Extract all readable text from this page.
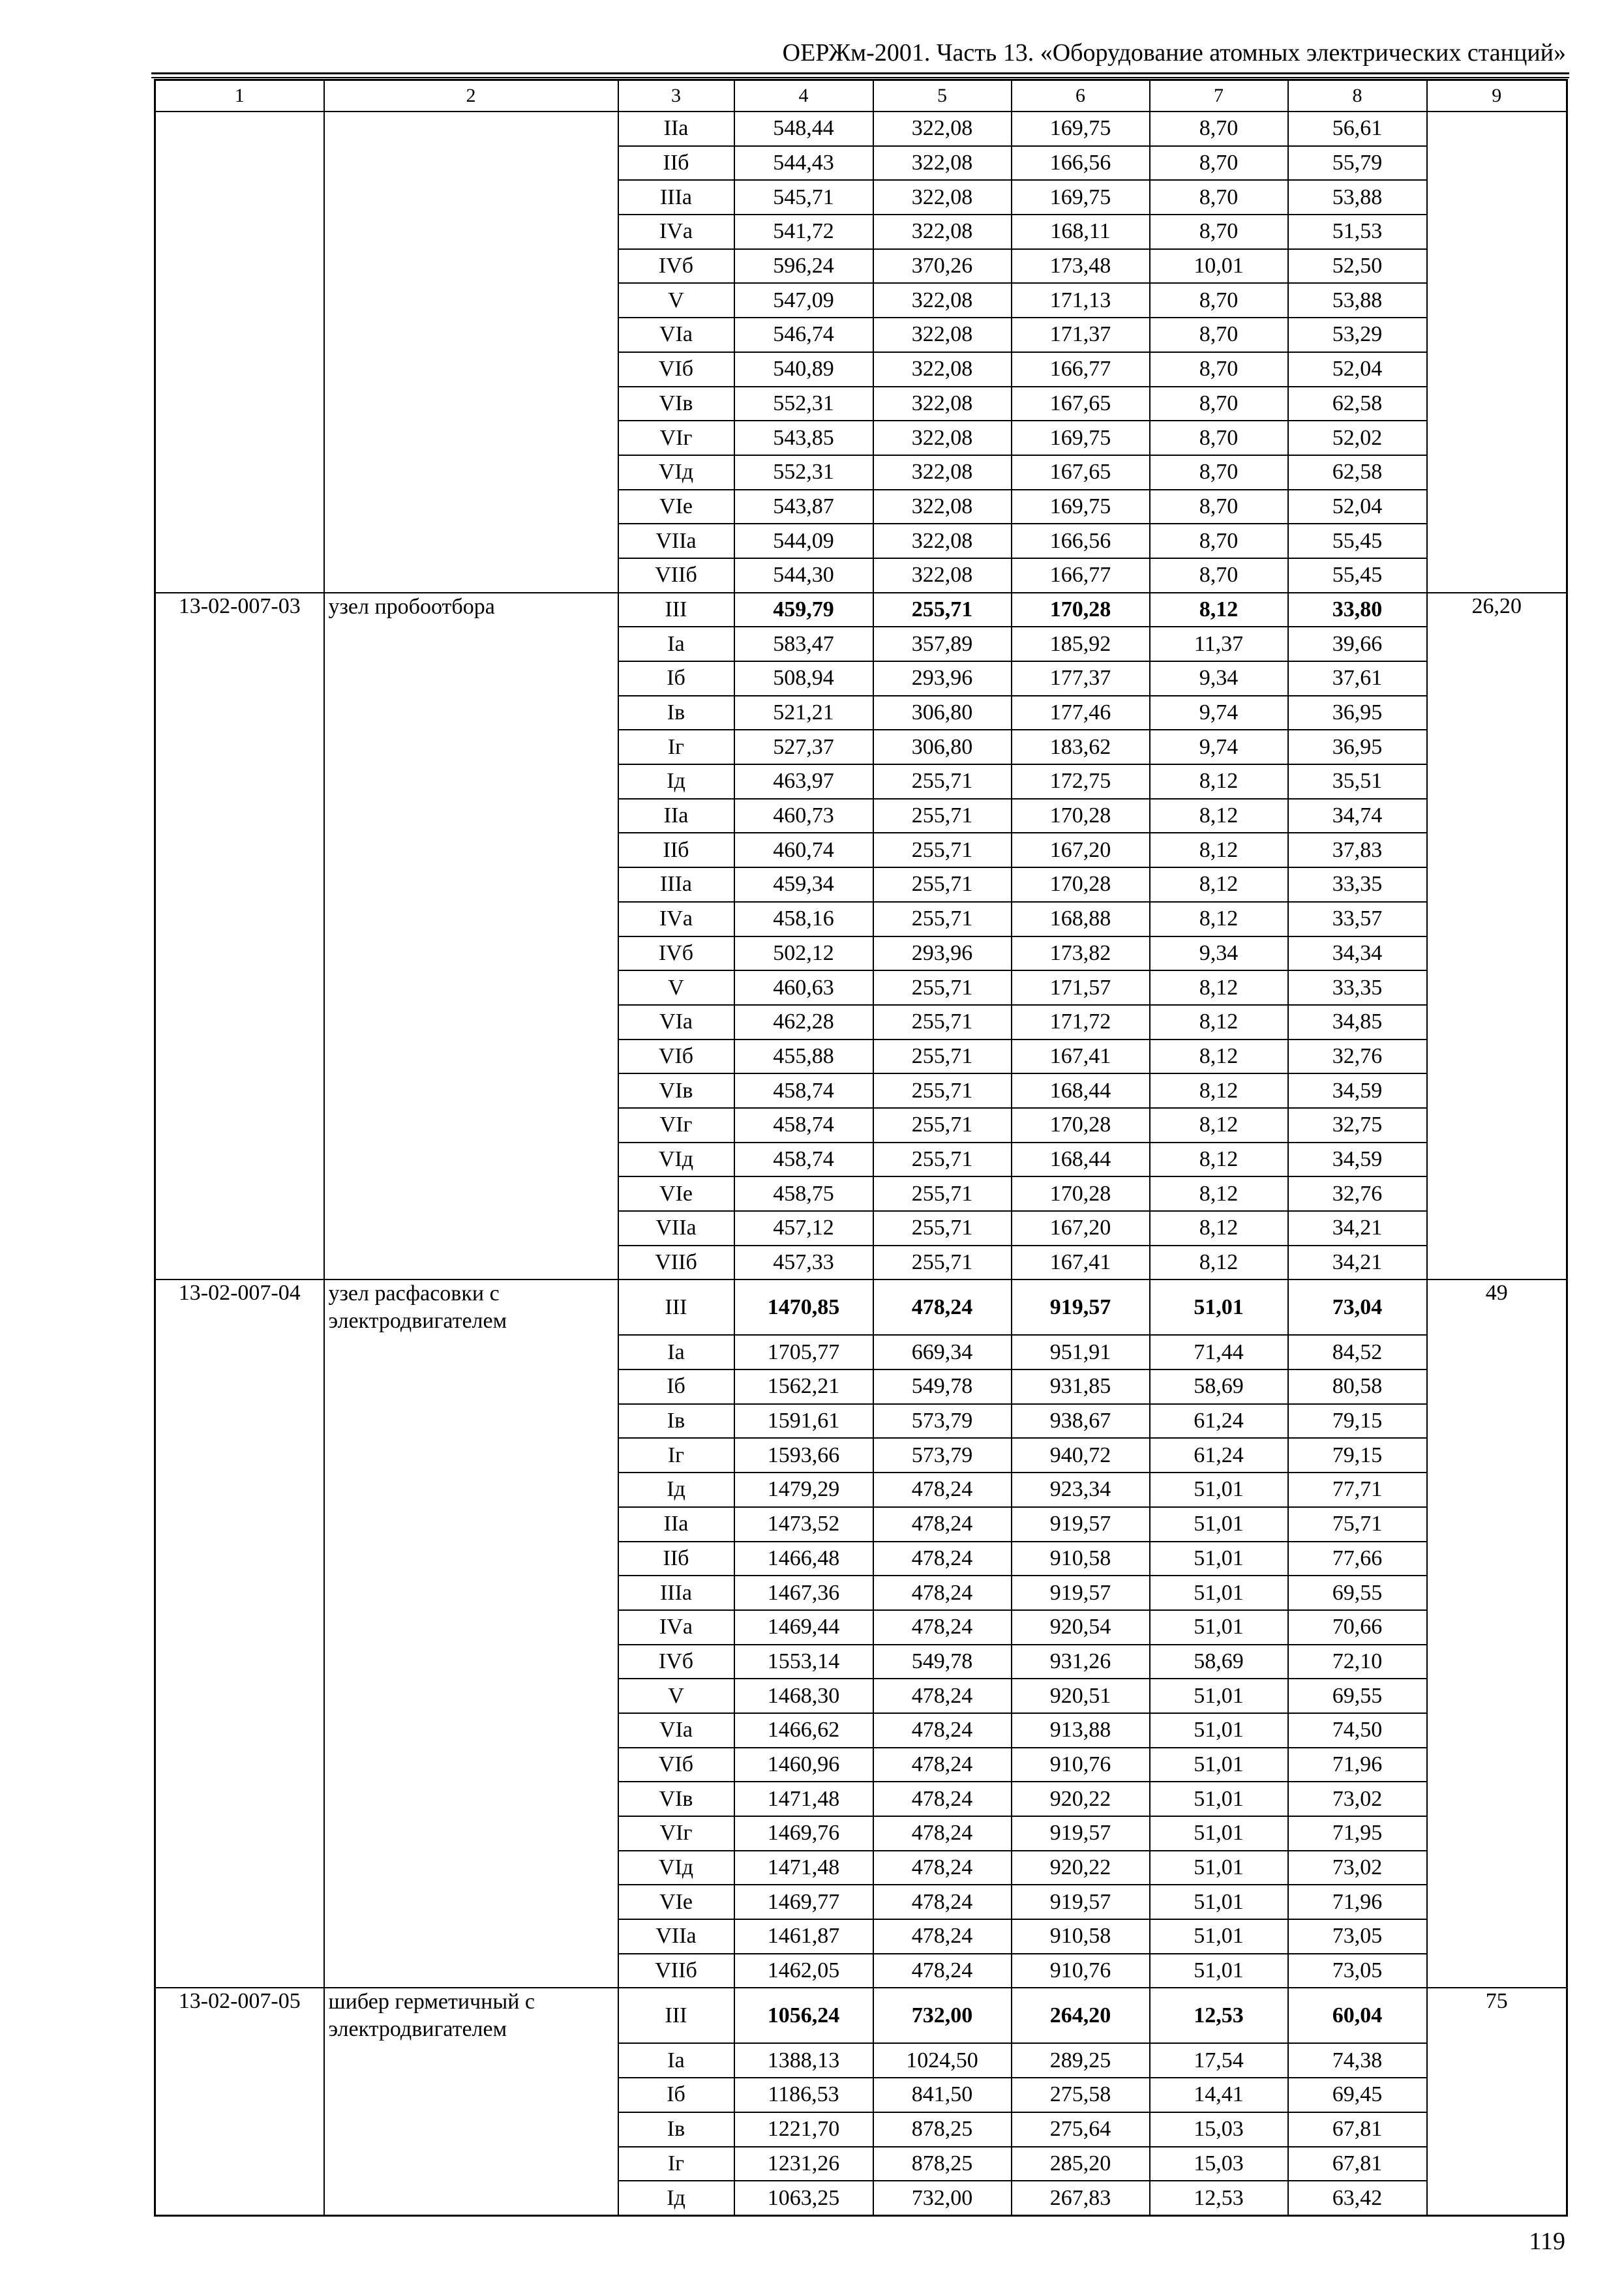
ОЕРЖм-2001. Часть 13. «Оборудование атомных электрических станций»
1	2	3	4	5	6	7	8	9
		IIа	548,44	322,08	169,75	8,70	56,61	
		IIб	544,43	322,08	166,56	8,70	55,79	
		IIIа	545,71	322,08	169,75	8,70	53,88	
		IVа	541,72	322,08	168,11	8,70	51,53	
		IVб	596,24	370,26	173,48	10,01	52,50	
		V	547,09	322,08	171,13	8,70	53,88	
		VIа	546,74	322,08	171,37	8,70	53,29	
		VIб	540,89	322,08	166,77	8,70	52,04	
		VIв	552,31	322,08	167,65	8,70	62,58	
		VIг	543,85	322,08	169,75	8,70	52,02	
		VIд	552,31	322,08	167,65	8,70	62,58	
		VIе	543,87	322,08	169,75	8,70	52,04	
		VIIа	544,09	322,08	166,56	8,70	55,45	
		VIIб	544,30	322,08	166,77	8,70	55,45	
13-02-007-03	узел пробоотбора	III	459,79	255,71	170,28	8,12	33,80	26,20
		Iа	583,47	357,89	185,92	11,37	39,66	
		Iб	508,94	293,96	177,37	9,34	37,61	
		Iв	521,21	306,80	177,46	9,74	36,95	
		Iг	527,37	306,80	183,62	9,74	36,95	
		Iд	463,97	255,71	172,75	8,12	35,51	
		IIа	460,73	255,71	170,28	8,12	34,74	
		IIб	460,74	255,71	167,20	8,12	37,83	
		IIIа	459,34	255,71	170,28	8,12	33,35	
		IVа	458,16	255,71	168,88	8,12	33,57	
		IVб	502,12	293,96	173,82	9,34	34,34	
		V	460,63	255,71	171,57	8,12	33,35	
		VIа	462,28	255,71	171,72	8,12	34,85	
		VIб	455,88	255,71	167,41	8,12	32,76	
		VIв	458,74	255,71	168,44	8,12	34,59	
		VIг	458,74	255,71	170,28	8,12	32,75	
		VIд	458,74	255,71	168,44	8,12	34,59	
		VIе	458,75	255,71	170,28	8,12	32,76	
		VIIа	457,12	255,71	167,20	8,12	34,21	
		VIIб	457,33	255,71	167,41	8,12	34,21	
13-02-007-04	узел расфасовки с электродвигателем	III	1470,85	478,24	919,57	51,01	73,04	49
		Iа	1705,77	669,34	951,91	71,44	84,52	
		Iб	1562,21	549,78	931,85	58,69	80,58	
		Iв	1591,61	573,79	938,67	61,24	79,15	
		Iг	1593,66	573,79	940,72	61,24	79,15	
		Iд	1479,29	478,24	923,34	51,01	77,71	
		IIа	1473,52	478,24	919,57	51,01	75,71	
		IIб	1466,48	478,24	910,58	51,01	77,66	
		IIIа	1467,36	478,24	919,57	51,01	69,55	
		IVа	1469,44	478,24	920,54	51,01	70,66	
		IVб	1553,14	549,78	931,26	58,69	72,10	
		V	1468,30	478,24	920,51	51,01	69,55	
		VIа	1466,62	478,24	913,88	51,01	74,50	
		VIб	1460,96	478,24	910,76	51,01	71,96	
		VIв	1471,48	478,24	920,22	51,01	73,02	
		VIг	1469,76	478,24	919,57	51,01	71,95	
		VIд	1471,48	478,24	920,22	51,01	73,02	
		VIе	1469,77	478,24	919,57	51,01	71,96	
		VIIа	1461,87	478,24	910,58	51,01	73,05	
		VIIб	1462,05	478,24	910,76	51,01	73,05	
13-02-007-05	шибер герметичный с электродвигателем	III	1056,24	732,00	264,20	12,53	60,04	75
		Iа	1388,13	1024,50	289,25	17,54	74,38	
		Iб	1186,53	841,50	275,58	14,41	69,45	
		Iв	1221,70	878,25	275,64	15,03	67,81	
		Iг	1231,26	878,25	285,20	15,03	67,81	
		Iд	1063,25	732,00	267,83	12,53	63,42	
119
